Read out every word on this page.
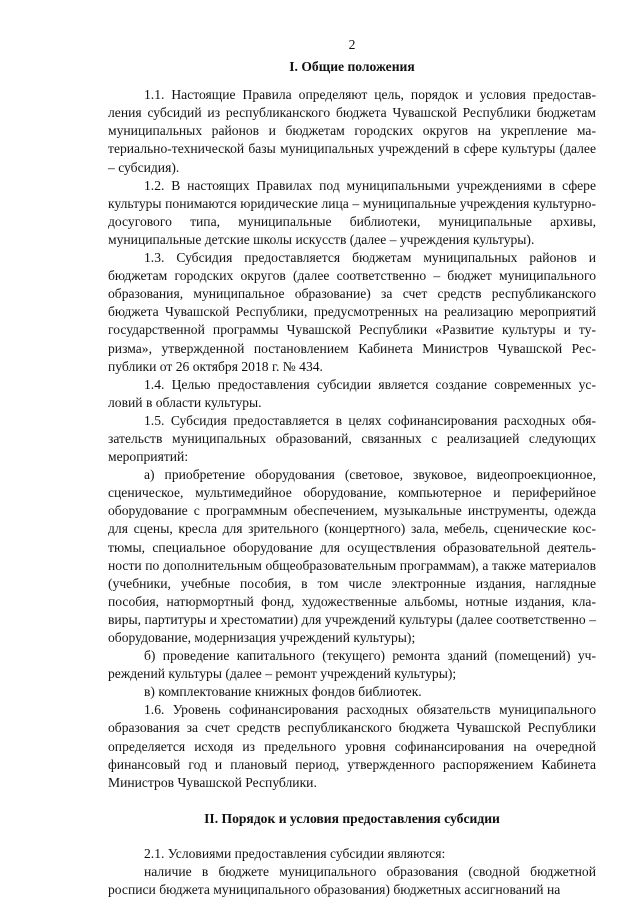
2
I. Общие положения

1.1. Настоящие Правила определяют цель, порядок и условия предоставления субсидий из республиканского бюджета Чувашской Республики бюджетам муниципальных районов и бюджетам городских округов на укрепление материально-технической базы муниципальных учреждений в сфере культуры (далее – субсидия).

1.2. В настоящих Правилах под муниципальными учреждениями в сфере культуры понимаются юридические лица – муниципальные учреждения культурно-досугового типа, муниципальные библиотеки, муниципальные архивы, муниципальные детские школы искусств (далее – учреждения культуры).

1.3. Субсидия предоставляется бюджетам муниципальных районов и бюджетам городских округов (далее соответственно – бюджет муниципального образования, муниципальное образование) за счет средств республиканского бюджета Чувашской Республики, предусмотренных на реализацию мероприятий государственной программы Чувашской Республики «Развитие культуры и туризма», утвержденной постановлением Кабинета Министров Чувашской Республики от 26 октября 2018 г. № 434.

1.4. Целью предоставления субсидии является создание современных условий в области культуры.

1.5. Субсидия предоставляется в целях софинансирования расходных обязательств муниципальных образований, связанных с реализацией следующих мероприятий:

а) приобретение оборудования (световое, звуковое, видеопроекционное, сценическое, мультимедийное оборудование, компьютерное и периферийное оборудование с программным обеспечением, музыкальные инструменты, одежда для сцены, кресла для зрительного (концертного) зала, мебель, сценические костюмы, специальное оборудование для осуществления образовательной деятельности по дополнительным общеобразовательным программам), а также материалов (учебники, учебные пособия, в том числе электронные издания, наглядные пособия, натюрмортный фонд, художественные альбомы, нотные издания, клавиры, партитуры и хрестоматии) для учреждений культуры (далее соответственно – оборудование, модернизация учреждений культуры);

б) проведение капитального (текущего) ремонта зданий (помещений) учреждений культуры (далее – ремонт учреждений культуры);

в) комплектование книжных фондов библиотек.

1.6. Уровень софинансирования расходных обязательств муниципального образования за счет средств республиканского бюджета Чувашской Республики определяется исходя из предельного уровня софинансирования на очередной финансовый год и плановый период, утвержденного распоряжением Кабинета Министров Чувашской Республики.

II. Порядок и условия предоставления субсидии

2.1. Условиями предоставления субсидии являются:

наличие в бюджете муниципального образования (сводной бюджетной росписи бюджета муниципального образования) бюджетных ассигнований на
